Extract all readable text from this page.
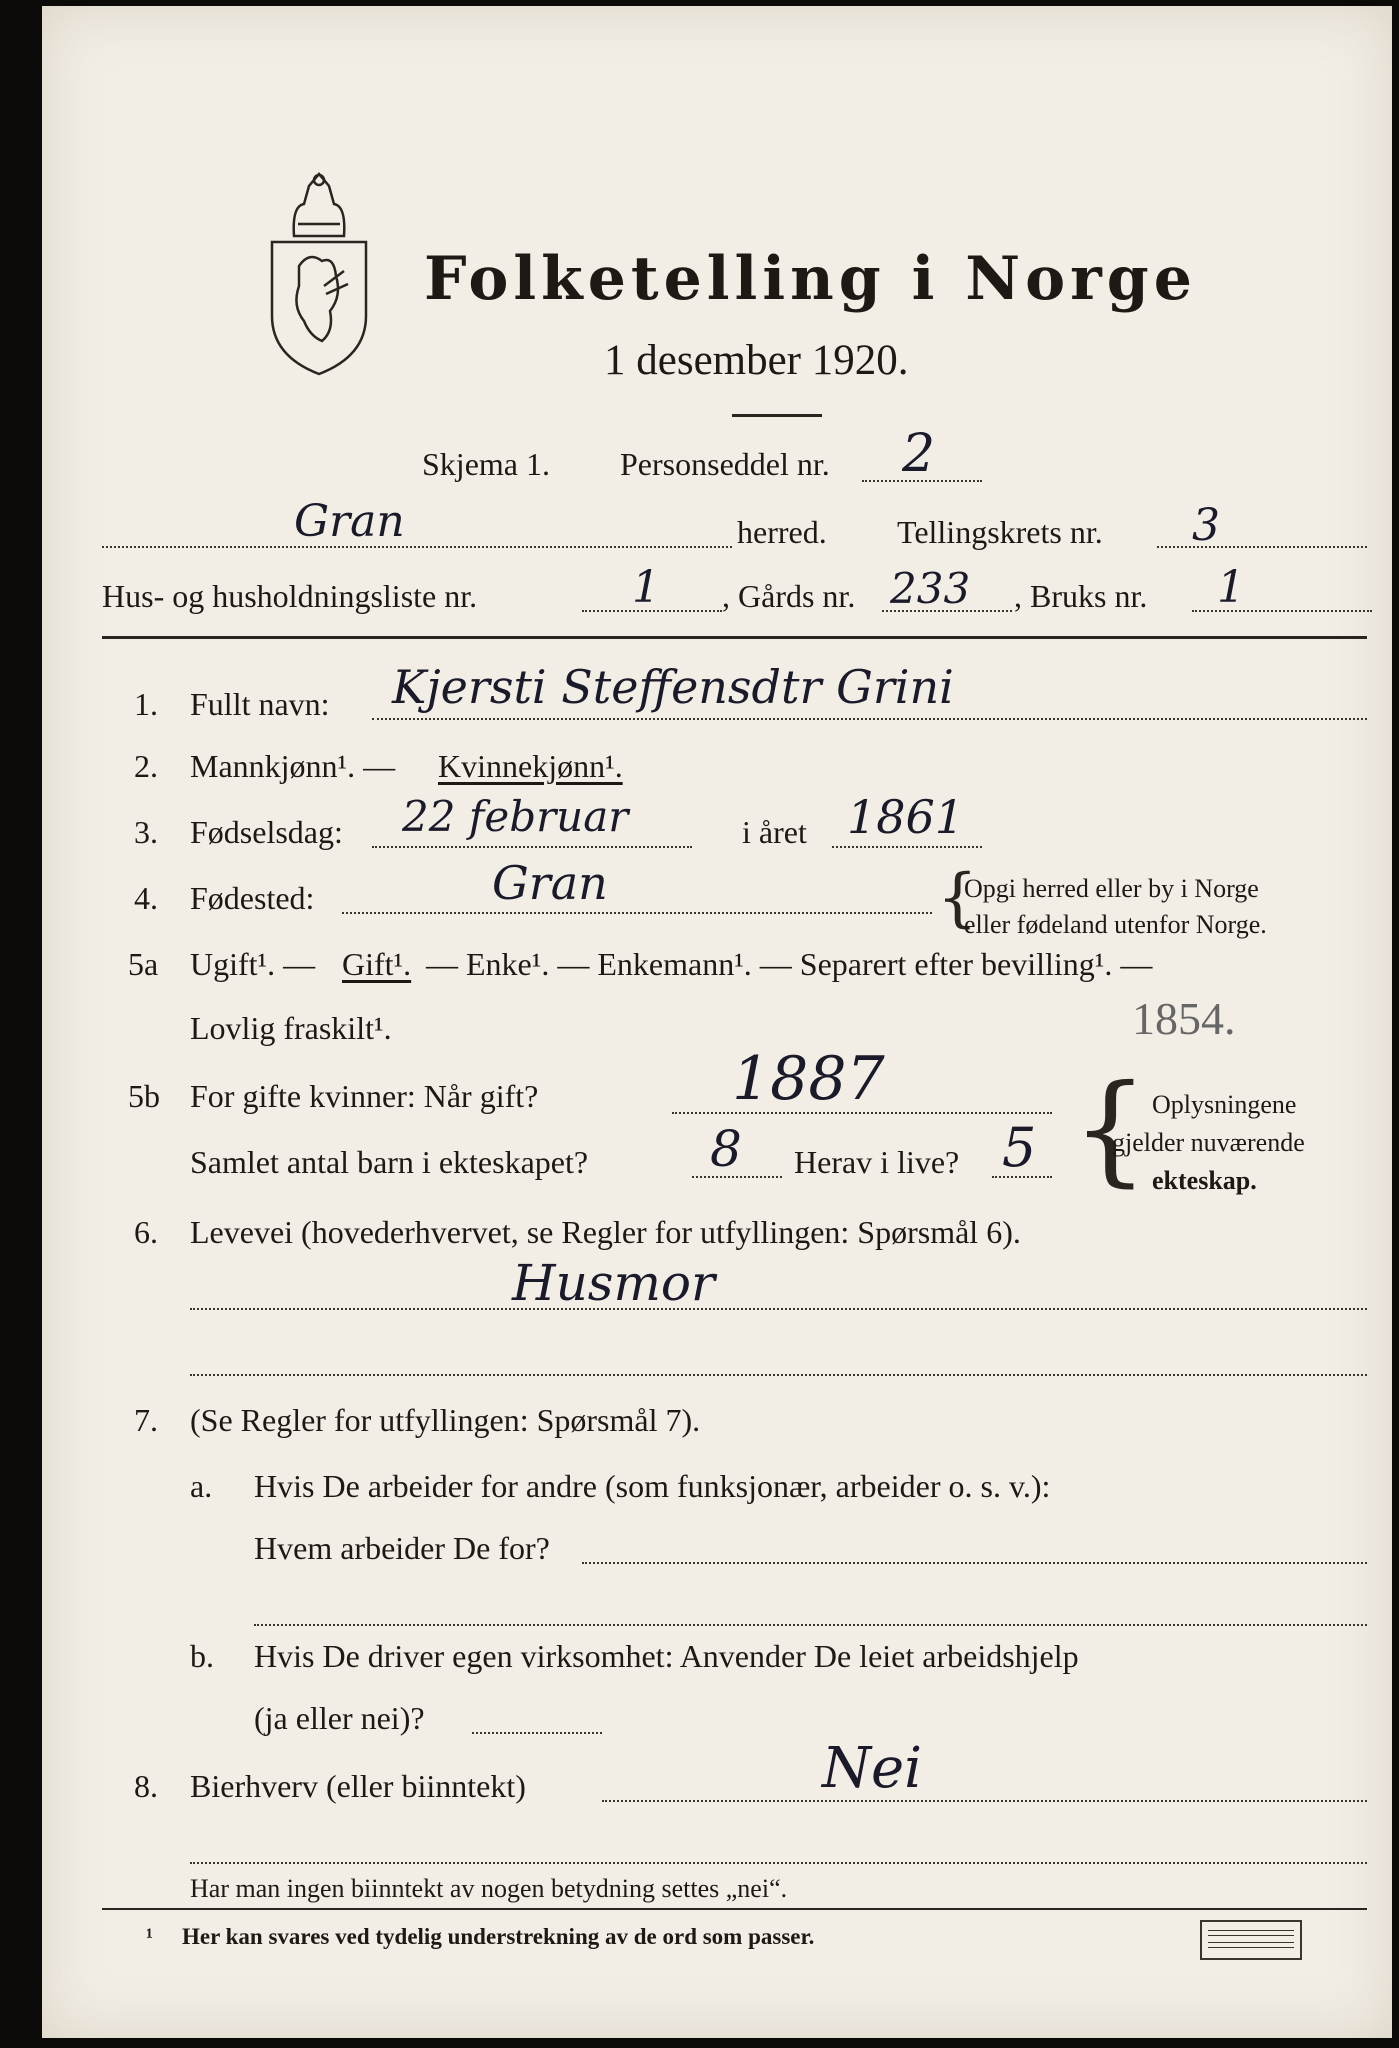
Folketelling i Norge
1 desember 1920.
Skjema 1. Personseddel nr. 2
Gran	herred. Tellingskrets nr. 3
Hus- og husholdningsliste nr.	1 , Gårds nr. 233 , Bruks nr. 1
1. Fullt navn: Kjersti Steffensdtr Grini
2. Mannkjønn¹. — Kvinnekjønn¹.
3. Fødselsdag: 22 februar	i året 1861
4. Fødested:	Gran	{
Opgi herred eller by i Norge
eller fødeland utenfor Norge.
5a Ugift¹. — Gift¹. — Enke¹. — Enkemann¹. — Separert efter bevilling¹. —
Lovlig fraskilt¹.	1854.
5b For gifte kvinner: Når gift?	1887
Samlet antal barn i ekteskapet? 8 Herav i live? 5 { Oplysningene
gjelder nuværende
ekteskap.
6. Levevei (hovederhvervet, se Regler for utfyllingen: Spørsmål 6).
Husmor
7. (Se Regler for utfyllingen: Spørsmål 7).
a. Hvis De arbeider for andre (som funksjonær, arbeider o. s. v.):
Hvem arbeider De for?
b. Hvis De driver egen virksomhet: Anvender De leiet arbeidshjelp
(ja eller nei)?
8. Bierhverv (eller biinntekt)	Nei
Har man ingen biinntekt av nogen betydning settes „nei“.
¹ Her kan svares ved tydelig understrekning av de ord som passer.
